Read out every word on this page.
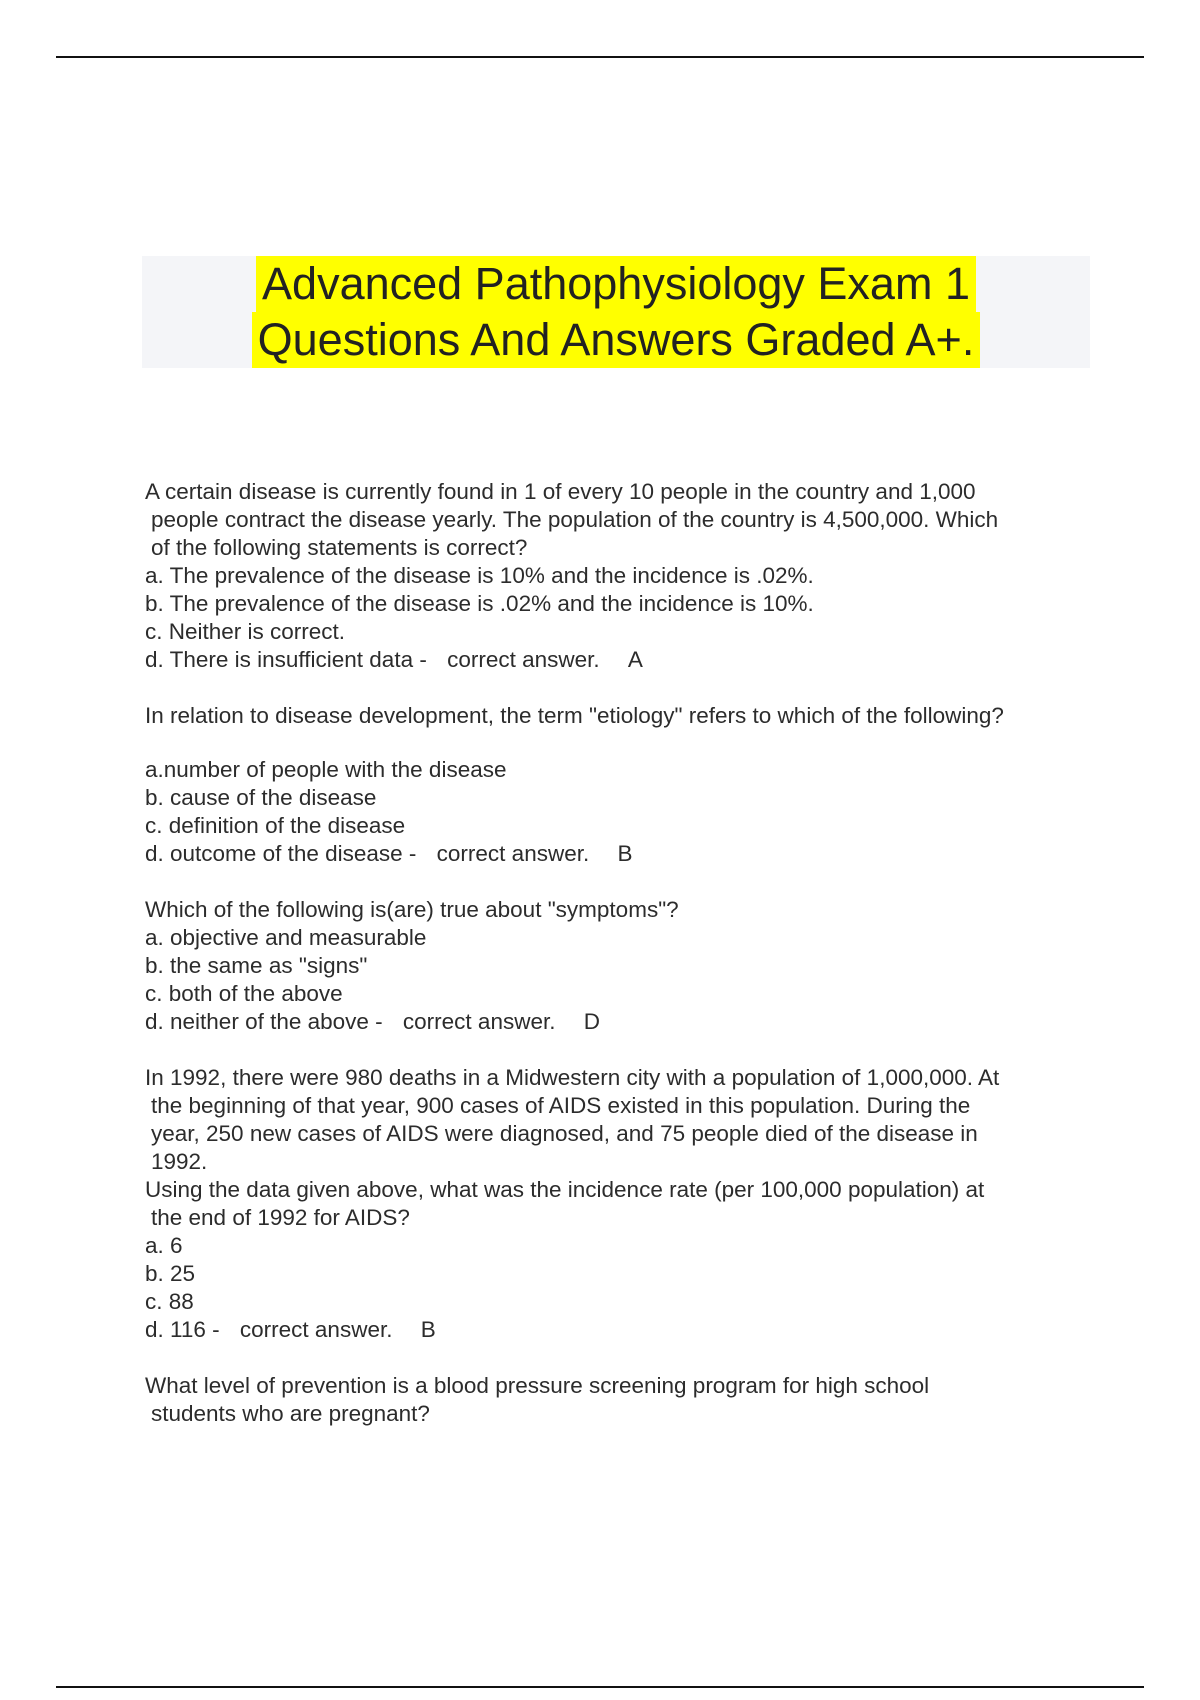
Advanced Pathophysiology Exam 1
Questions And Answers Graded A+.
A certain disease is currently found in 1 of every 10 people in the country and 1,000
people contract the disease yearly. The population of the country is 4,500,000. Which
of the following statements is correct?
a. The prevalence of the disease is 10% and the incidence is .02%.
b. The prevalence of the disease is .02% and the incidence is 10%.
c. Neither is correct.
d. There is insufficient data - correct answer. A
In relation to disease development, the term "etiology" refers to which of the following?
a.number of people with the disease
b. cause of the disease
c. definition of the disease
d. outcome of the disease - correct answer. B
Which of the following is(are) true about "symptoms"?
a. objective and measurable
b. the same as "signs"
c. both of the above
d. neither of the above - correct answer. D
In 1992, there were 980 deaths in a Midwestern city with a population of 1,000,000. At
the beginning of that year, 900 cases of AIDS existed in this population. During the
year, 250 new cases of AIDS were diagnosed, and 75 people died of the disease in
1992.
Using the data given above, what was the incidence rate (per 100,000 population) at
the end of 1992 for AIDS?
a. 6
b. 25
c. 88
d. 116 - correct answer. B
What level of prevention is a blood pressure screening program for high school
students who are pregnant?
